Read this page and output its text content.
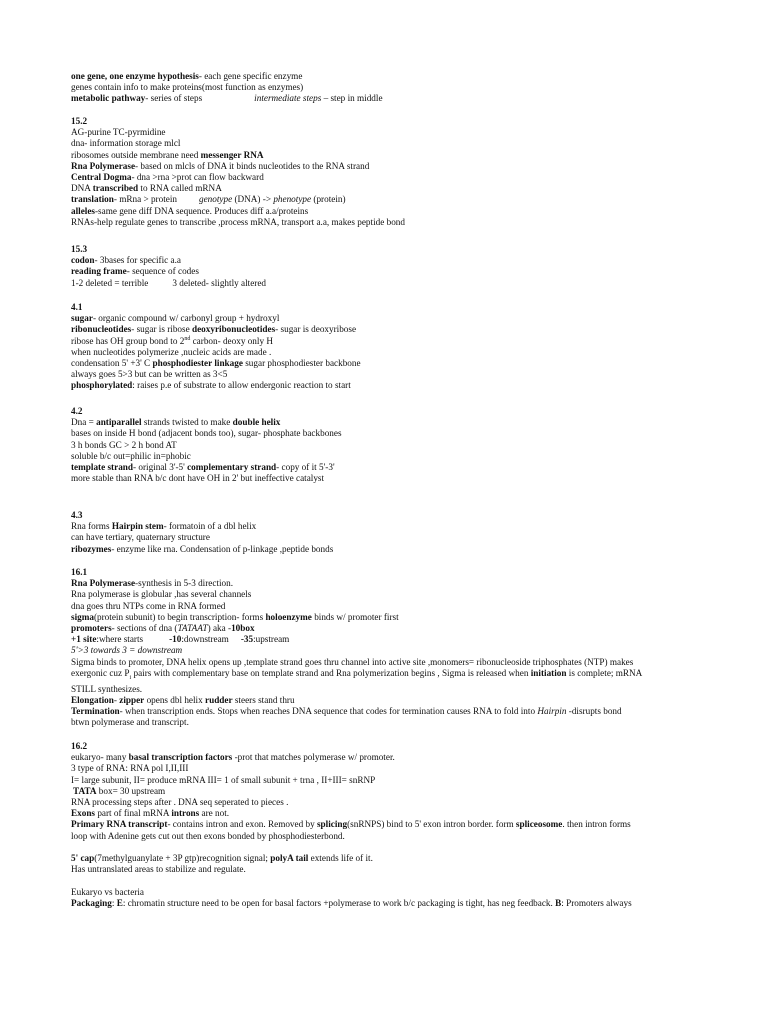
one gene, one enzyme hypothesis- each gene specific enzyme
genes contain info to make proteins(most function as enzymes)
metabolic pathway- series of steps	intermediate steps – step in middle
15.2
AG-purine TC-pyrmidine
dna- information storage mlcl
ribosomes outside membrane need messenger RNA
Rna Polymerase- based on mlcls of DNA it binds nucleotides to the RNA strand
Central Dogma- dna >rna >prot can flow backward
DNA transcribed to RNA called mRNA
translation- mRna > protein genotype (DNA) -> phenotype (protein)
alleles-same gene diff DNA sequence. Produces diff a.a/proteins
RNAs-help regulate genes to transcribe ,process mRNA, transport a.a, makes peptide bond
15.3
codon- 3bases for specific a.a
reading frame- sequence of codes
1-2 deleted = terrible	3 deleted- slightly altered
4.1
sugar- organic compound w/ carbonyl group + hydroxyl
ribonucleotides- sugar is ribose deoxyribonucleotides- sugar is deoxyribose
ribose has OH group bond to 2nd carbon- deoxy only H
when nucleotides polymerize ,nucleic acids are made .
condensation 5' +3' C phosphodiester linkage sugar phosphodiester backbone
always goes 5>3 but can be written as 3<5
phosphorylated: raises p.e of substrate to allow endergonic reaction to start
4.2
Dna = antiparallel strands twisted to make double helix
bases on inside H bond (adjacent bonds too), sugar- phosphate backbones
3 h bonds GC > 2 h bond AT
soluble b/c out=philic in=phobic
template strand- original 3'-5' complementary strand- copy of it 5'-3'
more stable than RNA b/c dont have OH in 2' but ineffective catalyst
4.3
Rna forms Hairpin stem- formatoin of a dbl helix
can have tertiary, quaternary structure
ribozymes- enzyme like rna. Condensation of p-linkage ,peptide bonds
16.1
Rna Polymerase-synthesis in 5-3 direction.
Rna polymerase is globular ,has several channels
dna goes thru NTPs come in RNA formed
sigma(protein subunit) to begin transcription- forms holoenzyme binds w/ promoter first
promoters- sections of dna (TATAAT) aka -10box
+1 site:where starts	-10:downstream -35:upstream
5'>3 towards 3 = downstream
Sigma binds to promoter, DNA helix opens up ,template strand goes thru channel into active site ,monomers= ribonucleoside triphosphates (NTP) makes
exergonic cuz $P_i$ pairs with complementary base on template strand and Rna polymerization begins , Sigma is released when initiation is complete; mRNA
STILL synthesizes.
Elongation- zipper opens dbl helix rudder steers stand thru
Termination- when transcription ends. Stops when reaches DNA sequence that codes for termination causes RNA to fold into Hairpin -disrupts bond
btwn polymerase and transcript.
16.2
eukaryo- many basal transcription factors -prot that matches polymerase w/ promoter.
3 type of RNA: RNA pol I,II,III
I= large subunit, II= produce mRNA III= 1 of small subunit + trna , II+III= snRNP
TATA box= 30 upstream
RNA processing steps after . DNA seq seperated to pieces .
Exons part of final mRNA introns are not.
Primary RNA transcript- contains intron and exon. Removed by splicing(snRNPS) bind to 5' exon intron border. form spliceosome. then intron forms
loop with Adenine gets cut out then exons bonded by phosphodiesterbond.

5' cap(7methylguanylate + 3P gtp)recognition signal; polyA tail extends life of it.
Has untranslated areas to stabilize and regulate.

Eukaryo vs bacteria
Packaging: E: chromatin structure need to be open for basal factors +polymerase to work b/c packaging is tight, has neg feedback. B: Promoters always
